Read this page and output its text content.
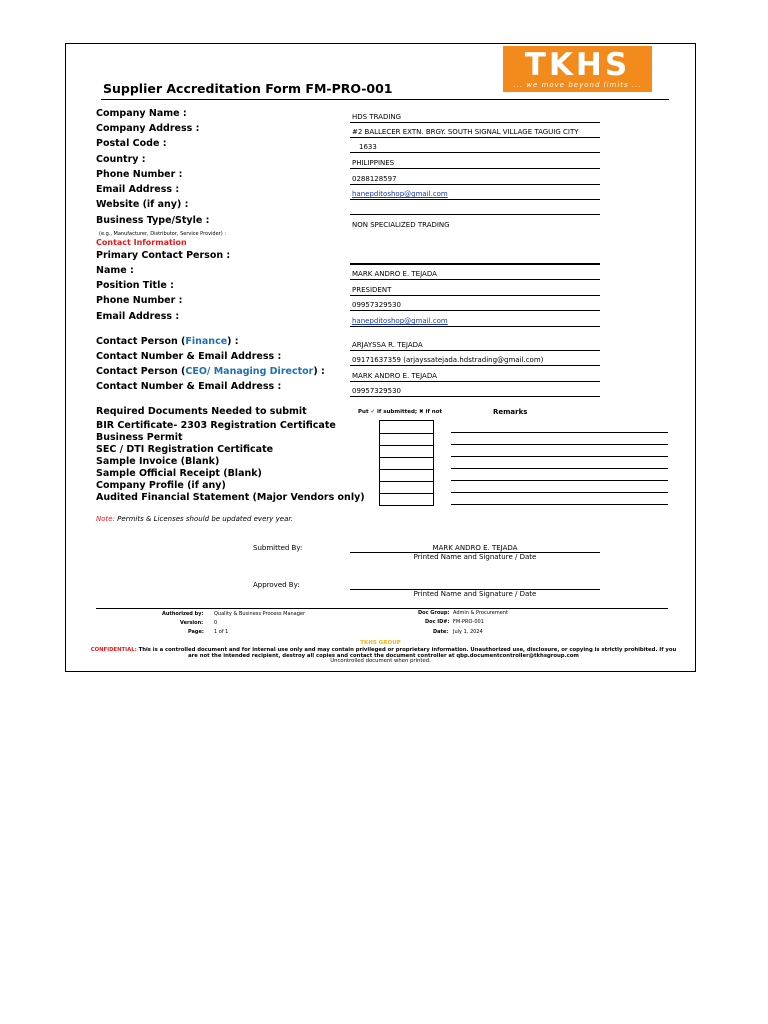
Supplier Accreditation Form FM-PRO-001
TKHS
... we move beyond limits ...
Company Name :	HDS TRADING
Company Address :	#2 BALLECER EXTN. BRGY. SOUTH SIGNAL VILLAGE TAGUIG CITY
Postal Code :	1633
Country :	PHILIPPINES
Phone Number :	0288128597
Email Address :	hanepditoshop@gmail.com
Website (if any) :
Business Type/Style :	NON SPECIALIZED TRADING
(e.g., Manufacturer, Distributor, Service Provider) :
Contact Information
Primary Contact Person :
Name :	MARK ANDRO E. TEJADA
Position Title :	PRESIDENT
Phone Number :	09957329530
Email Address :	hanepditoshop@gmail.com
Contact Person (Finance) :	ARJAYSSA R. TEJADA
Contact Number & Email Address :	09171637359 (arjayssatejada.hdstrading@gmail.com)
Contact Person (CEO/ Managing Director) :	MARK ANDRO E. TEJADA
Contact Number & Email Address :	09957329530
Required Documents Needed to submit	Put ✓ if submitted; ✖ if not	Remarks
BIR Certificate- 2303 Registration Certificate
Business Permit
SEC / DTI Registration Certificate
Sample Invoice (Blank)
Sample Official Receipt (Blank)
Company Profile (if any)
Audited Financial Statement (Major Vendors only)
Note: Permits & Licenses should be updated every year.
Submitted By:	MARK ANDRO E. TEJADA
Printed Name and Signature / Date
Approved By:
Printed Name and Signature / Date
Authorized by: Quality & Business Process Manager
Version: 0
Page: 1 of 1
Doc Group: Admin & Procurement
Doc ID#: FM-PRO-001
Date: July 1, 2024
TKHS GROUP
CONFIDENTIAL: This is a controlled document and for internal use only and may contain privileged or proprietary information. Unauthorized use, disclosure, or copying is strictly prohibited. If you are not the intended recipient, destroy all copies and contact the document controller at qbp.documentcontroller@tkhsgroup.com
Uncontrolled document when printed.
